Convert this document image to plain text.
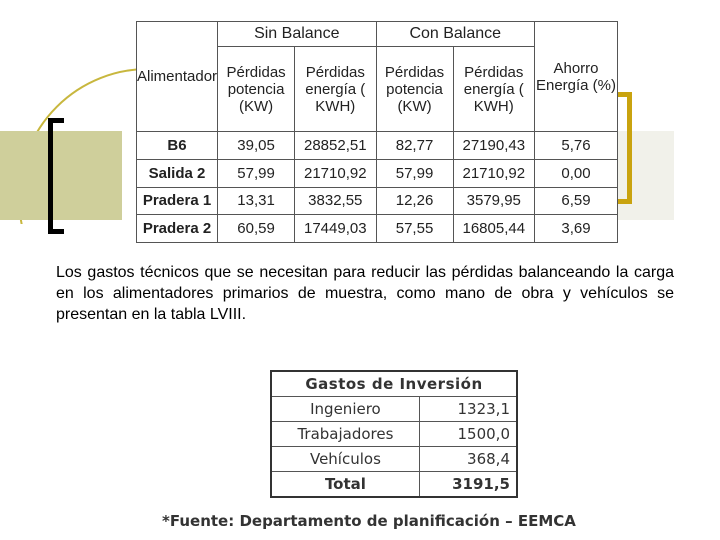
Alimentador	Sin Balance		Con Balance		Ahorro Energía (%)
	Pérdidas potencia (KW)	Pérdidas energía ( KWH)	Pérdidas potencia (KW)	Pérdidas energía ( KWH)	
B6	39,05	28852,51	82,77	27190,43	5,76
Salida 2	57,99	21710,92	57,99	21710,92	0,00
Pradera 1	13,31	3832,55	12,26	3579,95	6,59
Pradera 2	60,59	17449,03	57,55	16805,44	3,69
Los gastos técnicos que se necesitan para reducir las pérdidas balanceando la carga en los alimentadores primarios de muestra, como mano de obra y vehículos se presentan en la tabla LVIII.
Gastos de Inversión	
Ingeniero	1323,1
Trabajadores	1500,0
Vehículos	368,4
Total	3191,5
*Fuente: Departamento de planificación – EEMCA
